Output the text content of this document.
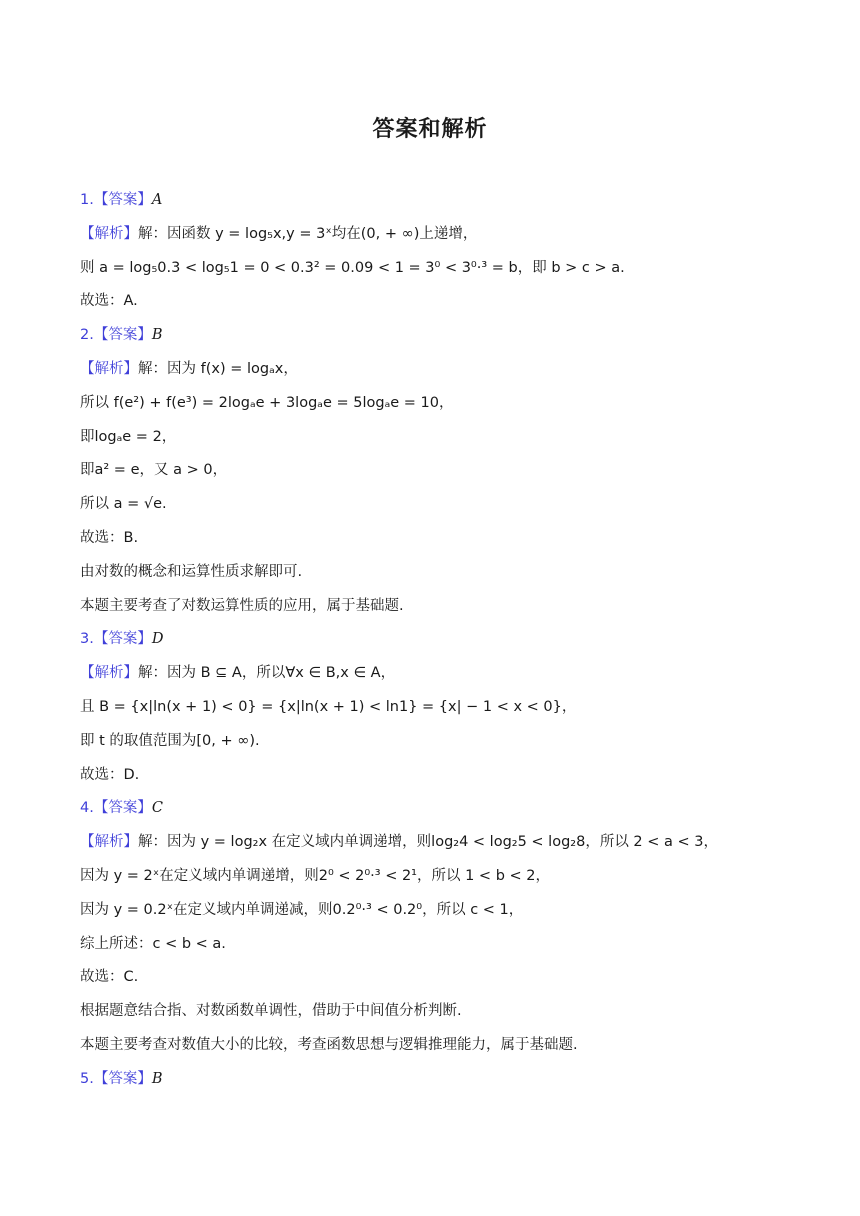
答案和解析
1.【答案】A
【解析】解：因函数 y = log₅x,y = 3ˣ均在(0, + ∞)上递增，
则 a = log₅0.3 < log₅1 = 0 < 0.3² = 0.09 < 1 = 3⁰ < 3⁰·³ = b，即 b > c > a.
故选：A.
2.【答案】B
【解析】解：因为 f(x) = logₐx，
所以 f(e²) + f(e³) = 2logₐe + 3logₐe = 5logₐe = 10，
即logₐe = 2，
即a² = e，又 a > 0，
所以 a = √e.
故选：B.
由对数的概念和运算性质求解即可.
本题主要考查了对数运算性质的应用，属于基础题.
3.【答案】D
【解析】解：因为 B ⊆ A，所以∀x ∈ B,x ∈ A，
且 B = {x|ln(x + 1) < 0} = {x|ln(x + 1) < ln1} = {x| − 1 < x < 0}，
即 t 的取值范围为[0, + ∞).
故选：D.
4.【答案】C
【解析】解：因为 y = log₂x 在定义域内单调递增，则log₂4 < log₂5 < log₂8，所以 2 < a < 3，
因为 y = 2ˣ在定义域内单调递增，则2⁰ < 2⁰·³ < 2¹，所以 1 < b < 2，
因为 y = 0.2ˣ在定义域内单调递减，则0.2⁰·³ < 0.2⁰，所以 c < 1，
综上所述：c < b < a.
故选：C.
根据题意结合指、对数函数单调性，借助于中间值分析判断.
本题主要考查对数值大小的比较，考查函数思想与逻辑推理能力，属于基础题.
5.【答案】B
